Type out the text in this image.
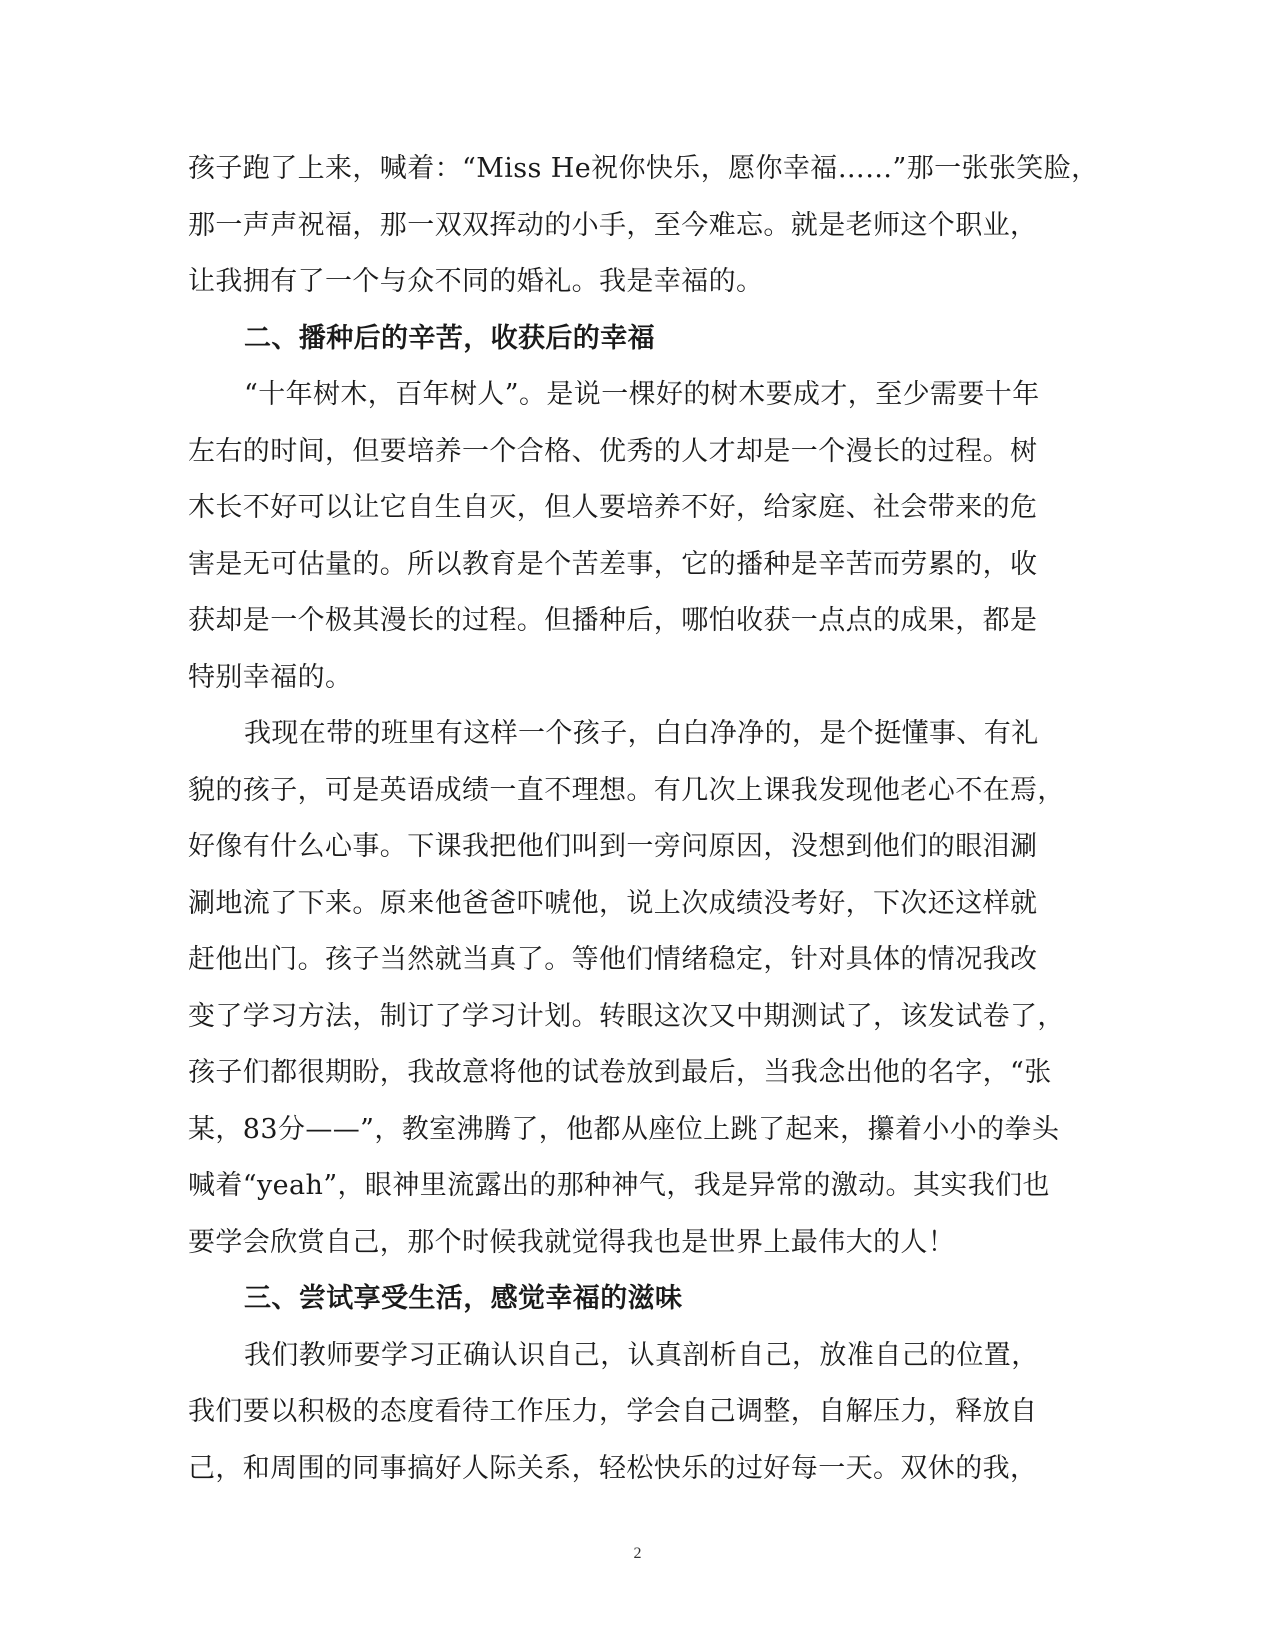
孩子跑了上来，喊着：“Miss He祝你快乐，愿你幸福……”那一张张笑脸，
那一声声祝福，那一双双挥动的小手，至今难忘。就是老师这个职业，
让我拥有了一个与众不同的婚礼。我是幸福的。
二、播种后的辛苦，收获后的幸福
“十年树木，百年树人”。是说一棵好的树木要成才，至少需要十年
左右的时间，但要培养一个合格、优秀的人才却是一个漫长的过程。树
木长不好可以让它自生自灭，但人要培养不好，给家庭、社会带来的危
害是无可估量的。所以教育是个苦差事，它的播种是辛苦而劳累的，收
获却是一个极其漫长的过程。但播种后，哪怕收获一点点的成果，都是
特别幸福的。
我现在带的班里有这样一个孩子，白白净净的，是个挺懂事、有礼
貌的孩子，可是英语成绩一直不理想。有几次上课我发现他老心不在焉，
好像有什么心事。下课我把他们叫到一旁问原因，没想到他们的眼泪涮
涮地流了下来。原来他爸爸吓唬他，说上次成绩没考好，下次还这样就
赶他出门。孩子当然就当真了。等他们情绪稳定，针对具体的情况我改
变了学习方法，制订了学习计划。转眼这次又中期测试了，该发试卷了，
孩子们都很期盼，我故意将他的试卷放到最后，当我念出他的名字，“张
某，83分——”，教室沸腾了，他都从座位上跳了起来，攥着小小的拳头
喊着“yeah”，眼神里流露出的那种神气，我是异常的激动。其实我们也
要学会欣赏自己，那个时候我就觉得我也是世界上最伟大的人！
三、尝试享受生活，感觉幸福的滋味
我们教师要学习正确认识自己，认真剖析自己，放准自己的位置，
我们要以积极的态度看待工作压力，学会自己调整，自解压力，释放自
己，和周围的同事搞好人际关系，轻松快乐的过好每一天。双休的我，
2
